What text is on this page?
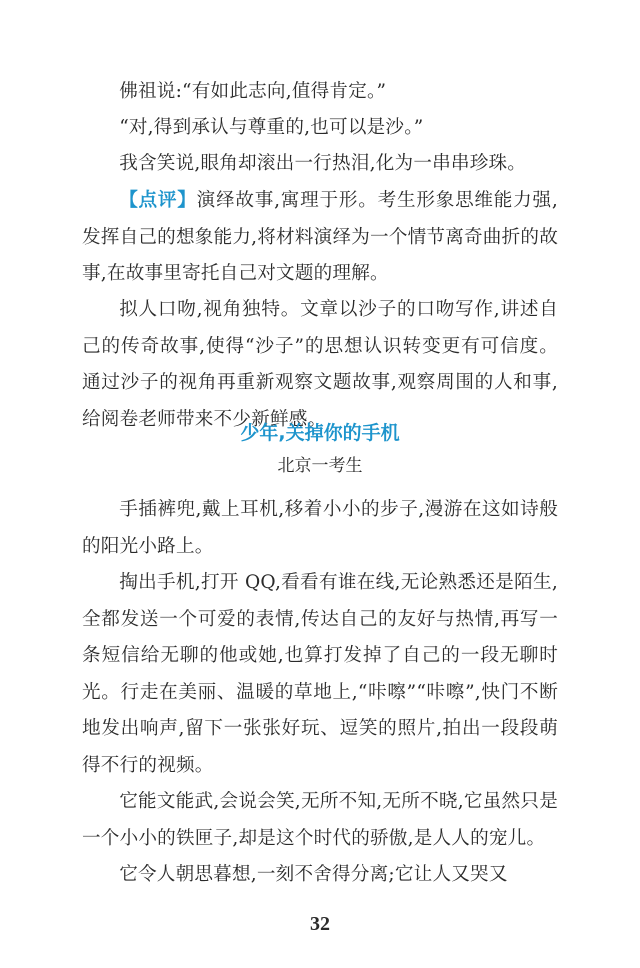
佛祖说:“有如此志向,值得肯定。”

“对,得到承认与尊重的,也可以是沙。”

我含笑说,眼角却滚出一行热泪,化为一串串珍珠。

【点评】演绎故事,寓理于形。考生形象思维能力强,发挥自己的想象能力,将材料演绎为一个情节离奇曲折的故事,在故事里寄托自己对文题的理解。

拟人口吻,视角独特。文章以沙子的口吻写作,讲述自己的传奇故事,使得“沙子”的思想认识转变更有可信度。通过沙子的视角再重新观察文题故事,观察周围的人和事,给阅卷老师带来不少新鲜感。

少年,关掉你的手机
北京一考生

手插裤兜,戴上耳机,移着小小的步子,漫游在这如诗般的阳光小路上。

掏出手机,打开 QQ,看看有谁在线,无论熟悉还是陌生,全都发送一个可爱的表情,传达自己的友好与热情,再写一条短信给无聊的他或她,也算打发掉了自己的一段无聊时光。行走在美丽、温暖的草地上,“咔嚓”“咔嚓”,快门不断地发出响声,留下一张张好玩、逗笑的照片,拍出一段段萌得不行的视频。

它能文能武,会说会笑,无所不知,无所不晓,它虽然只是一个小小的铁匣子,却是这个时代的骄傲,是人人的宠儿。

它令人朝思暮想,一刻不舍得分离;它让人又哭又

32
